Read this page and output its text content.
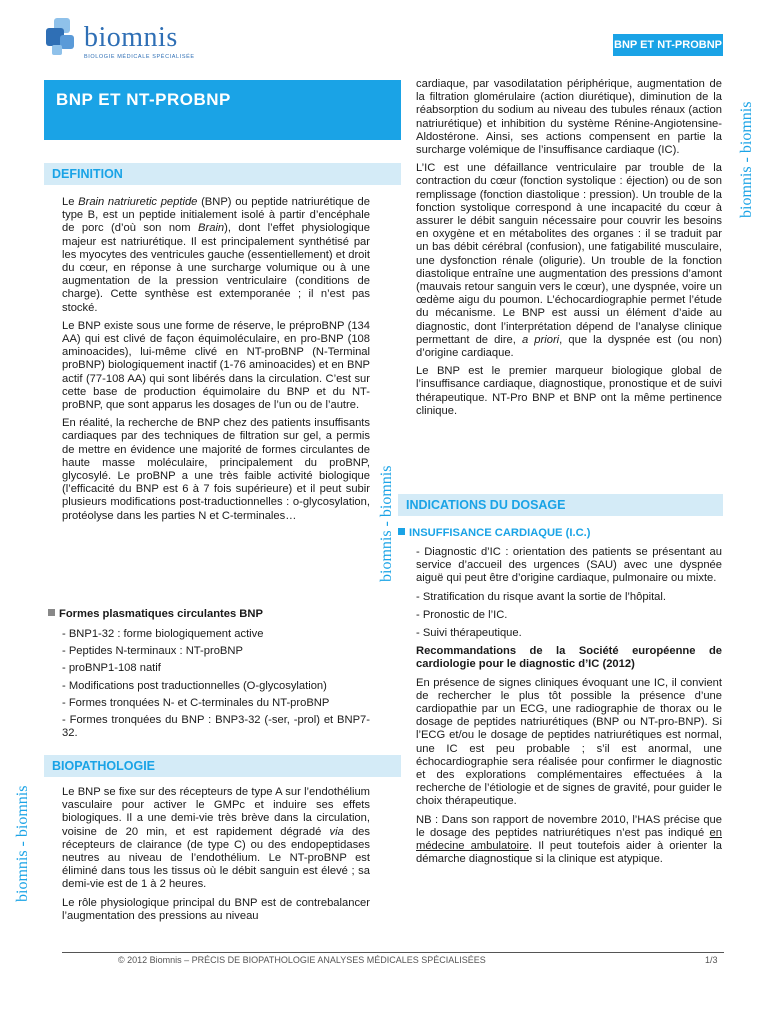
biomnis
BIOLOGIE MÉDICALE SPÉCIALISÉE
BNP ET NT-PROBNP
BNP ET NT-PROBNP
DEFINITION
BIOPATHOLOGIE
INDICATIONS DU DOSAGE

Le Brain natriuretic peptide (BNP) ou peptide natriurétique de type B, est un peptide initialement isolé à partir d’encéphale de porc (d’où son nom Brain), dont l’effet physiologique majeur est natriurétique. Il est principalement synthétisé par les myocytes des ventricules gauche (essentiellement) et droit du cœur, en réponse à une surcharge volumique ou à une augmentation de la pression ventriculaire (conditions de charge). Cette synthèse est extemporanée ; il n’est pas stocké.

Le BNP existe sous une forme de réserve, le préproBNP (134 AA) qui est clivé de façon équimoléculaire, en pro-BNP (108 aminoacides), lui-même clivé en NT-proBNP (N-Terminal proBNP) biologiquement inactif (1-76 aminoacides) et en BNP actif (77-108 AA) qui sont libérés dans la circulation. C’est sur cette base de production équimolaire du BNP et du NT-proBNP, que sont apparus les dosages de l’un ou de l’autre.

En réalité, la recherche de BNP chez des patients insuffisants cardiaques par des techniques de filtration sur gel, a permis de mettre en évidence une majorité de formes circulantes de haute masse moléculaire, principalement du proBNP, glycosylé. Le proBNP a une très faible activité biologique (l’efficacité du BNP est 6 à 7 fois supérieure) et il peut subir plusieurs modifications post-traductionnelles : o-glycosylation, protéolyse dans les parties N et C-terminales…

Formes plasmatiques circulantes BNP
- BNP1-32 : forme biologiquement active
- Peptides N-terminaux : NT-proBNP
- proBNP1-108 natif
- Modifications post traductionnelles (O-glycosylation)
- Formes tronquées N- et C-terminales du NT-proBNP
- Formes tronquées du BNP : BNP3-32 (-ser, -prol) et BNP7-32.

Le BNP se fixe sur des récepteurs de type A sur l’endothélium vasculaire pour activer le GMPc et induire ses effets biologiques. Il a une demi-vie très brève dans la circulation, voisine de 20 min, et est rapidement dégradé via des récepteurs de clairance (de type C) ou des endopeptidases neutres au niveau de l’endothélium. Le NT-proBNP est éliminé dans tous les tissus où le débit sanguin est élevé ; sa demi-vie est de 1 à 2 heures.

Le rôle physiologique principal du BNP est de contrebalancer l’augmentation des pressions au niveau

cardiaque, par vasodilatation périphérique, augmentation de la filtration glomérulaire (action diurétique), diminution de la réabsorption du sodium au niveau des tubules rénaux (action natriurétique) et inhibition du système Rénine-Angiotensine-Aldostérone. Ainsi, ses actions compensent en partie la surcharge volémique de l’insuffisance cardiaque (IC).

L’IC est une défaillance ventriculaire par trouble de la contraction du cœur (fonction systolique : éjection) ou de son remplissage (fonction diastolique : pression). Un trouble de la fonction systolique correspond à une incapacité du cœur à assurer le débit sanguin nécessaire pour couvrir les besoins en oxygène et en métabolites des organes : il se traduit par un bas débit cérébral (confusion), une fatigabilité musculaire, une dysfonction rénale (oligurie). Un trouble de la fonction diastolique entraîne une augmentation des pressions d’amont (mauvais retour sanguin vers le cœur), une dyspnée, voire un œdème aigu du poumon. L’échocardiographie permet l’étude du mécanisme. Le BNP est aussi un élément d’aide au diagnostic, dont l’interprétation dépend de l’analyse clinique permettant de dire, a priori, que la dyspnée est (ou non) d’origine cardiaque.

Le BNP est le premier marqueur biologique global de l’insuffisance cardiaque, diagnostique, pronostique et de suivi thérapeutique. NT-Pro BNP et BNP ont la même pertinence clinique.

INSUFFISANCE CARDIAQUE (I.C.)

- Diagnostic d’IC : orientation des patients se présentant au service d’accueil des urgences (SAU) avec une dyspnée aiguë qui peut être d’origine cardiaque, pulmonaire ou mixte.

- Stratification du risque avant la sortie de l’hôpital.

- Pronostic de l’IC.

- Suivi thérapeutique.

Recommandations de la Société européenne de cardiologie pour le diagnostic d’IC (2012)

En présence de signes cliniques évoquant une IC, il convient de rechercher le plus tôt possible la présence d’une cardiopathie par un ECG, une radiographie de thorax ou le dosage de peptides natriurétiques (BNP ou NT-pro-BNP). Si l’ECG et/ou le dosage de peptides natriurétiques est normal, une IC est peu probable ; s’il est anormal, une échocardiographie sera réalisée pour confirmer le diagnostic et des explorations complémentaires effectuées à la recherche de l’étiologie et de signes de gravité, pour guider le choix thérapeutique.

NB : Dans son rapport de novembre 2010, l’HAS précise que le dosage des peptides natriurétiques n’est pas indiqué en médecine ambulatoire. Il peut toutefois aider à orienter la démarche diagnostique si la clinique est atypique.

biomnis - biomnis
biomnis - biomnis
biomnis - biomnis
© 2012 Biomnis – PRÉCIS DE BIOPATHOLOGIE ANALYSES MÉDICALES SPÉCIALISÉES	1/3
